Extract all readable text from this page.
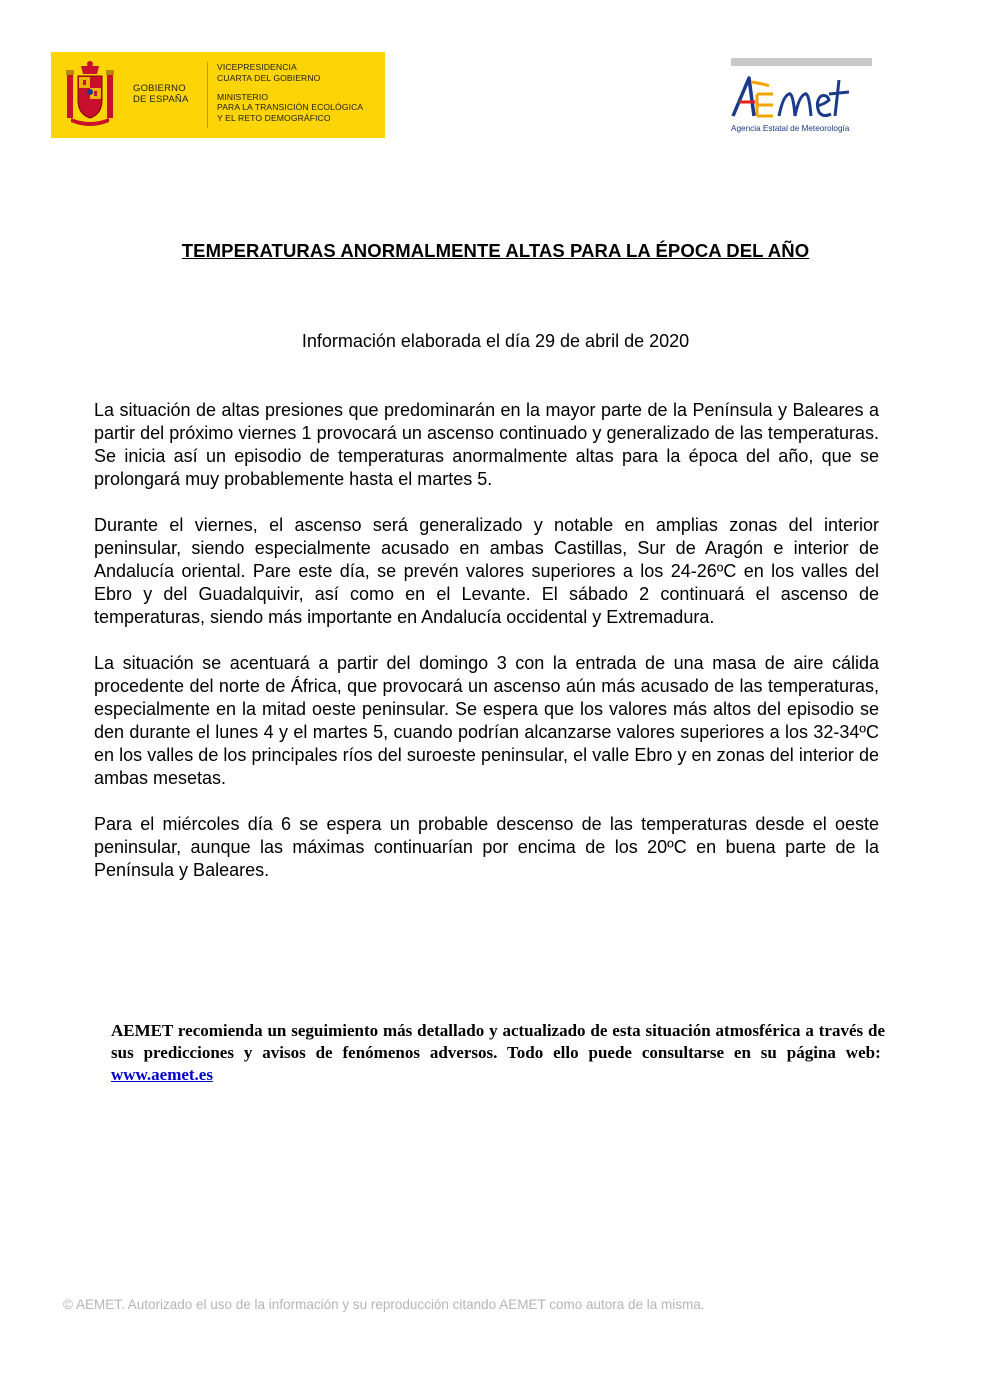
GOBIERNO
DE ESPAÑA
VICEPRESIDENCIA
CUARTA DEL GOBIERNO
MINISTERIO
PARA LA TRANSICIÓN ECOLÓGICA
Y EL RETO DEMOGRÁFICO
Agencia Estatal de Meteorología
TEMPERATURAS ANORMALMENTE ALTAS PARA LA ÉPOCA DEL AÑO
Información elaborada el día 29 de abril de 2020

La situación de altas presiones que predominarán en la mayor parte de la Península y Baleares a partir del próximo viernes 1 provocará un ascenso continuado y generalizado de las temperaturas. Se inicia así un episodio de temperaturas anormalmente altas para la época del año, que se prolongará muy probablemente hasta el martes 5.

Durante el viernes, el ascenso será generalizado y notable en amplias zonas del interior peninsular, siendo especialmente acusado en ambas Castillas, Sur de Aragón e interior de Andalucía oriental. Pare este día, se prevén valores superiores a los 24-26ºC en los valles del Ebro y del Guadalquivir, así como en el Levante. El sábado 2 continuará el ascenso de temperaturas, siendo más importante en Andalucía occidental y Extremadura.

La situación se acentuará a partir del domingo 3 con la entrada de una masa de aire cálida procedente del norte de África, que provocará un ascenso aún más acusado de las temperaturas, especialmente en la mitad oeste peninsular. Se espera que los valores más altos del episodio se den durante el lunes 4 y el martes 5, cuando podrían alcanzarse valores superiores a los 32-34ºC en los valles de los principales ríos del suroeste peninsular, el valle Ebro y en zonas del interior de ambas mesetas.

Para el miércoles día 6 se espera un probable descenso de las temperaturas desde el oeste peninsular, aunque las máximas continuarían por encima de los 20ºC en buena parte de la Península y Baleares.

AEMET recomienda un seguimiento más detallado y actualizado de esta situación atmosférica a través de sus predicciones y avisos de fenómenos adversos. Todo ello puede consultarse en su página web:  www.aemet.es
© AEMET. Autorizado el uso de la información y su reproducción citando AEMET como autora de la misma.
